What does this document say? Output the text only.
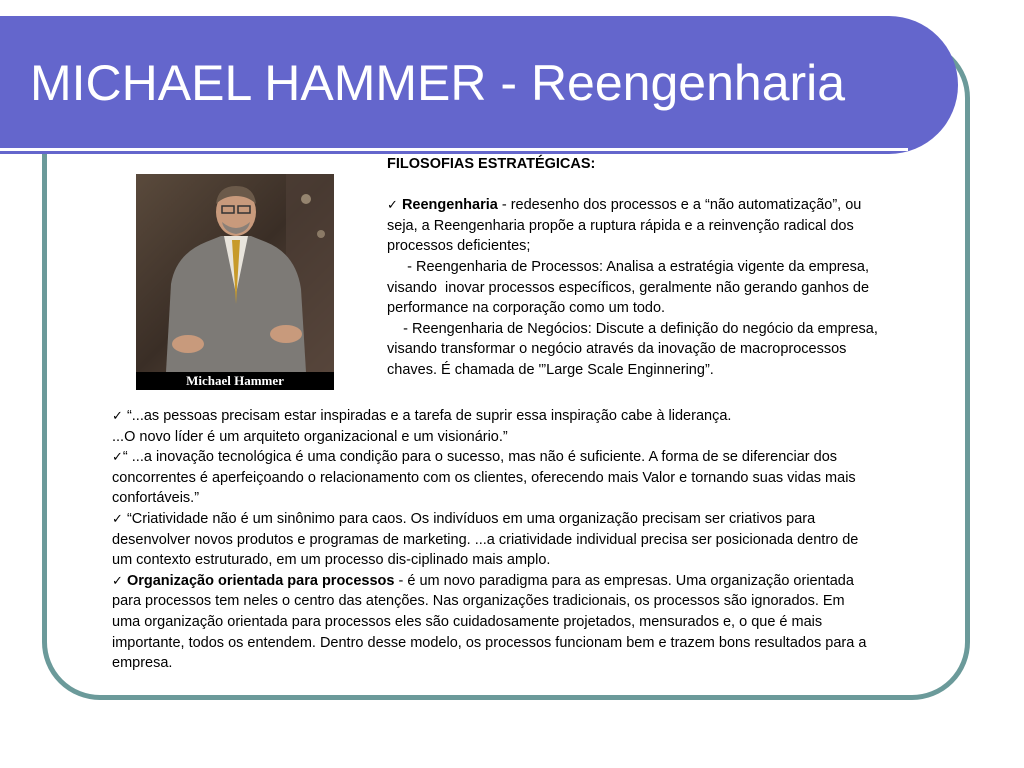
MICHAEL HAMMER - Reengenharia
Michael Hammer
FILOSOFIAS ESTRATÉGICAS:
✓ Reengenharia - redesenho dos processos e a “não automatização”, ou seja, a Reengenharia propõe a ruptura rápida e a reinvenção radical dos processos deficientes;
- Reengenharia de Processos: Analisa a estratégia vigente da empresa, visando  inovar processos específicos, geralmente não gerando ganhos de performance na corporação como um todo.
- Reengenharia de Negócios: Discute a definição do negócio da empresa, visando transformar o negócio através da inovação de macroprocessos chaves. É chamada de '”Large Scale Enginnering”.
✓ “...as pessoas precisam estar inspiradas e a tarefa de suprir essa inspiração cabe à liderança.
...O novo líder é um arquiteto organizacional e um visionário.”
✓“ ...a inovação tecnológica é uma condição para o sucesso, mas não é suficiente. A forma de se diferenciar dos concorrentes é aperfeiçoando o relacionamento com os clientes, oferecendo mais Valor e tornando suas vidas mais confortáveis.”
✓ “Criatividade não é um sinônimo para caos. Os indivíduos em uma organização precisam ser criativos para desenvolver novos produtos e programas de marketing. ...a criatividade individual precisa ser posicionada dentro de um contexto estruturado, em um processo dis-ciplinado mais amplo.
✓ Organização orientada para processos - é um novo paradigma para as empresas. Uma organização orientada para processos tem neles o centro das atenções. Nas organizações tradicionais, os processos são ignorados. Em uma organização orientada para processos eles são cuidadosamente projetados, mensurados e, o que é mais importante, todos os entendem. Dentro desse modelo, os processos funcionam bem e trazem bons resultados para a empresa.
